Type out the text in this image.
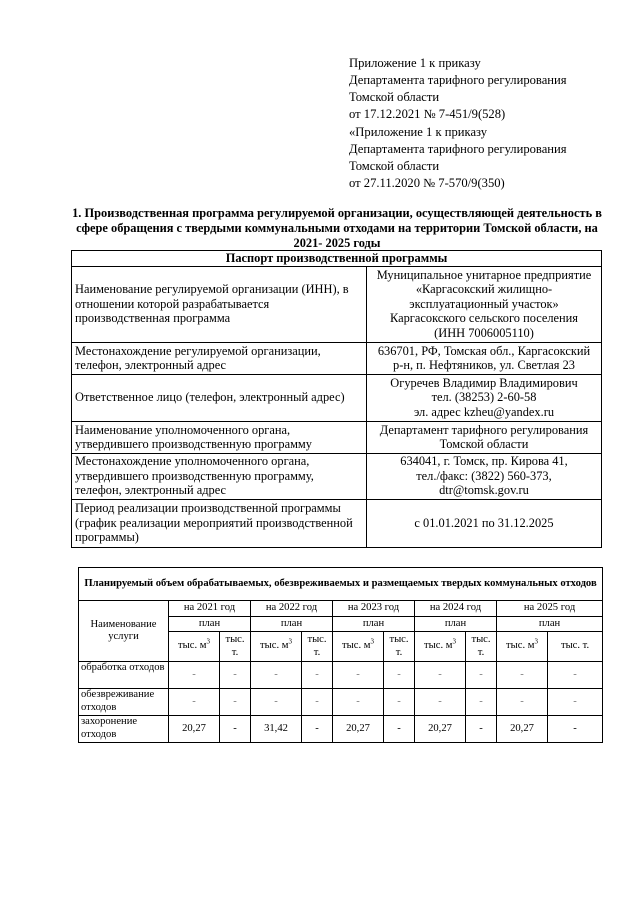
Приложение 1 к приказу
Департамента тарифного регулирования
Томской области
от 17.12.2021 № 7-451/9(528)
«Приложение 1 к приказу
Департамента тарифного регулирования
Томской области
от 27.11.2020 № 7-570/9(350)
1. Производственная программа регулируемой организации, осуществляющей деятельность в сфере обращения с твердыми коммунальными отходами на территории Томской области, на 2021- 2025 годы
Паспорт производственной программы	
Наименование регулируемой организации (ИНН), в отношении которой разрабатывается производственная программа	Муниципальное унитарное предприятие
«Каргасокский жилищно-
эксплуатационный участок»
Каргасокского сельского поселения
(ИНН 7006005110)

Местонахождение регулируемой организации, телефон, электронный адрес	636701, РФ, Томская обл., Каргасокский
р-н, п. Нефтяников, ул. Светлая 23

Ответственное лицо (телефон, электронный адрес)	Огуречев Владимир Владимирович
тел. (38253) 2-60-58
эл. адрес kzheu@yandex.ru

Наименование уполномоченного органа, утвердившего производственную программу	Департамент тарифного регулирования
Томской области

Местонахождение уполномоченного органа, утвердившего производственную программу, телефон, электронный адрес	634041, г. Томск, пр. Кирова 41,
тел./факс: (3822) 560-373,
dtr@tomsk.gov.ru

Период реализации производственной программы (график реализации мероприятий производственной программы)	с 01.01.2021 по 31.12.2025
Планируемый объем обрабатываемых, обезвреживаемых и размещаемых твердых коммунальных отходов										
Наименование услуги	на 2021 год		на 2022 год		на 2023 год		на 2024 год		на 2025 год	
	план		план		план		план		план	
	тыс. $м^3$	тыс. т.	тыс. $м^3$	тыс. т.	тыс. $м^3$	тыс. т.	тыс. $м^3$	тыс. т.	тыс. $м^3$	тыс. т.
обработка отходов	-	-	-	-	-	-	-	-	-	-
обезвреживание отходов	-	-	-	-	-	-	-	-	-	-
захоронение отходов	20,27	-	31,42	-	20,27	-	20,27	-	20,27	-
